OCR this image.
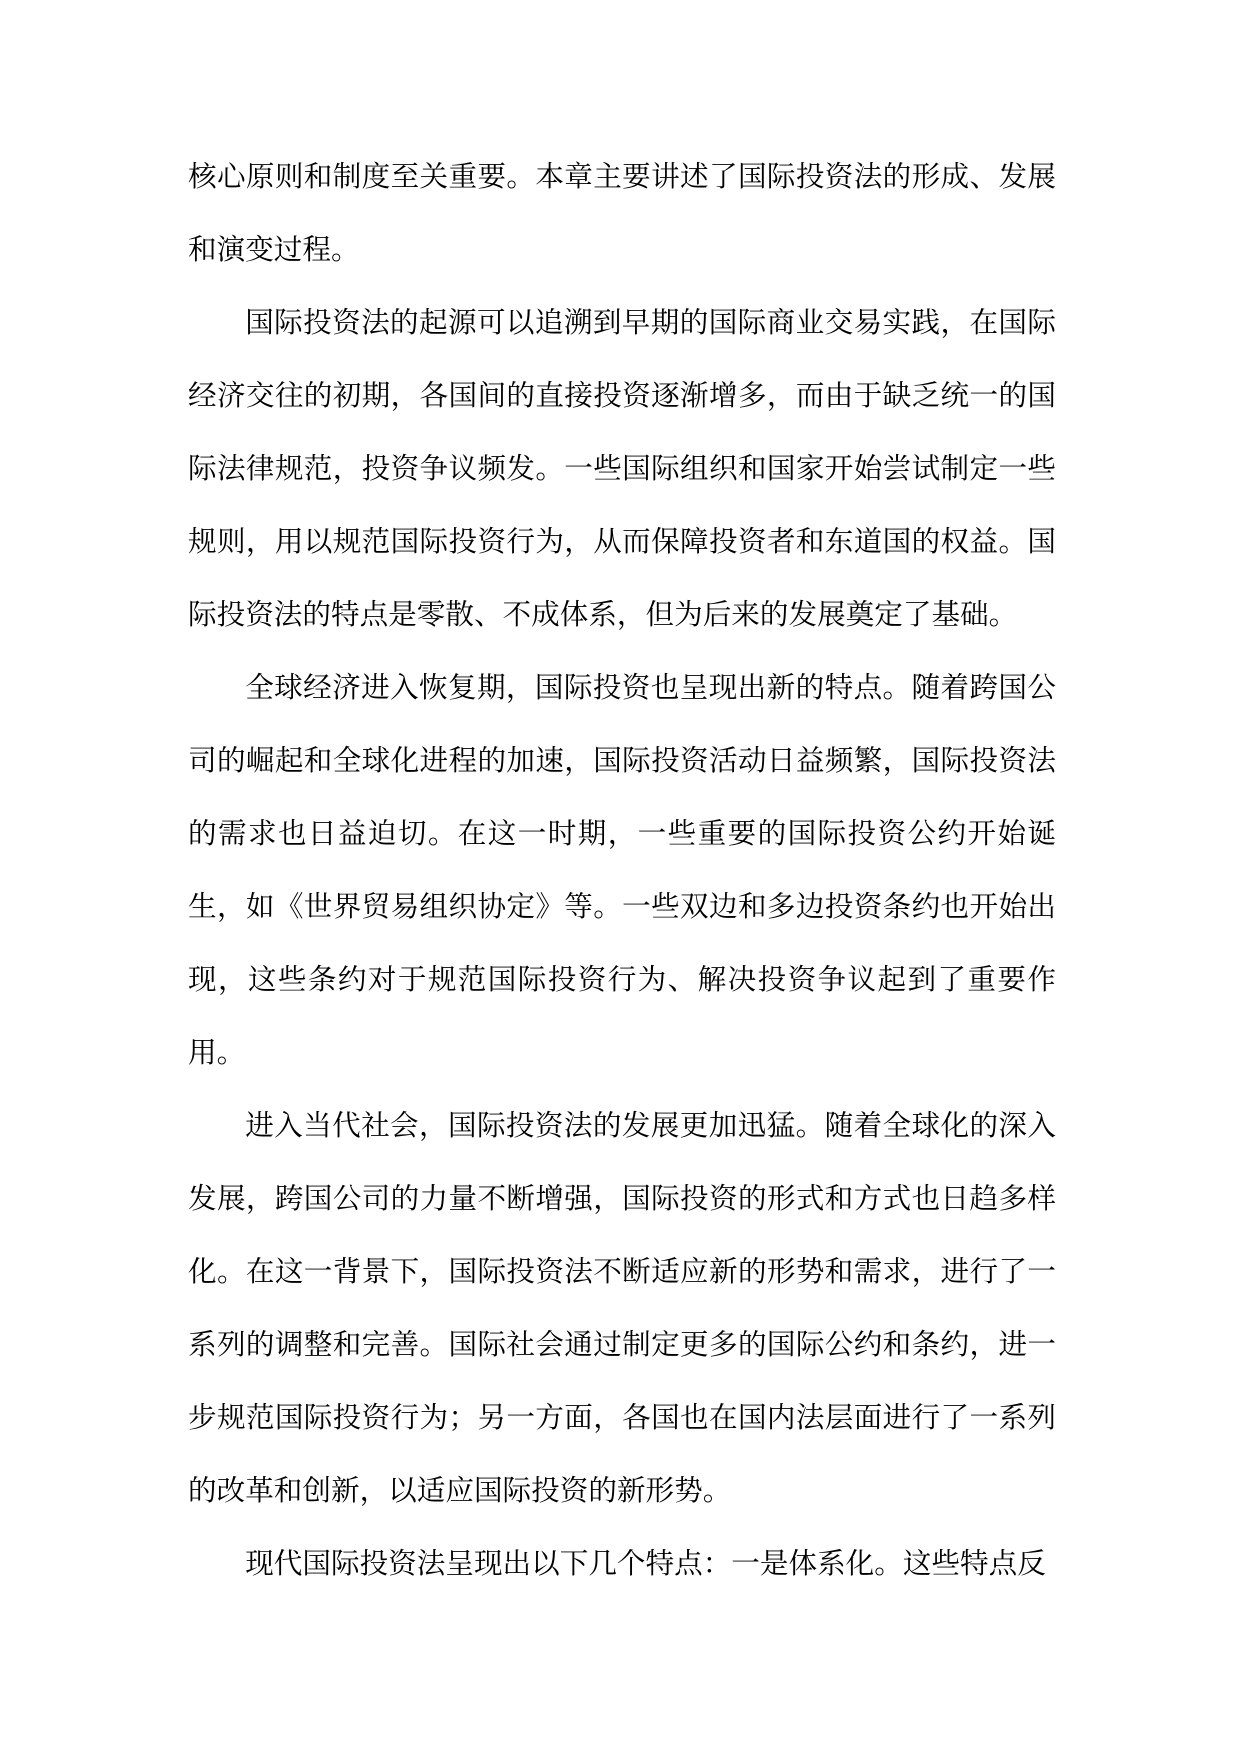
核心原则和制度至关重要。本章主要讲述了国际投资法的形成、发展和演变过程。

国际投资法的起源可以追溯到早期的国际商业交易实践，在国际经济交往的初期，各国间的直接投资逐渐增多，而由于缺乏统一的国际法律规范，投资争议频发。一些国际组织和国家开始尝试制定一些规则，用以规范国际投资行为，从而保障投资者和东道国的权益。国际投资法的特点是零散、不成体系，但为后来的发展奠定了基础。

全球经济进入恢复期，国际投资也呈现出新的特点。随着跨国公司的崛起和全球化进程的加速，国际投资活动日益频繁，国际投资法的需求也日益迫切。在这一时期，一些重要的国际投资公约开始诞生，如《世界贸易组织协定》等。一些双边和多边投资条约也开始出现，这些条约对于规范国际投资行为、解决投资争议起到了重要作用。

进入当代社会，国际投资法的发展更加迅猛。随着全球化的深入发展，跨国公司的力量不断增强，国际投资的形式和方式也日趋多样化。在这一背景下，国际投资法不断适应新的形势和需求，进行了一系列的调整和完善。国际社会通过制定更多的国际公约和条约，进一步规范国际投资行为；另一方面，各国也在国内法层面进行了一系列的改革和创新，以适应国际投资的新形势。

现代国际投资法呈现出以下几个特点：一是体系化。这些特点反
